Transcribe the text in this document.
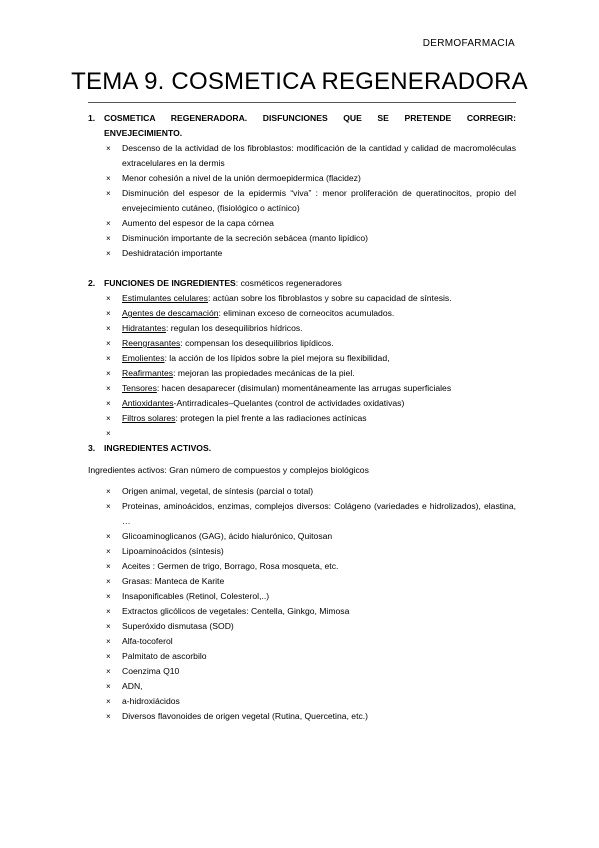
DERMOFARMACIA
TEMA 9. COSMETICA REGENERADORA
1.	COSMETICA REGENERADORA. DISFUNCIONES QUE SE PRETENDE CORREGIR: ENVEJECIMIENTO.
× Descenso de la actividad de los fibroblastos: modificación de la cantidad y calidad de macromoléculas extracelulares en la dermis
× Menor cohesión a nivel de la unión dermoepidermica (flacidez)
× Disminución del espesor de la epidermis “viva” : menor proliferación de queratinocitos, propio del envejecimiento cutáneo, (fisiológico o actínico)
× Aumento del espesor de la capa córnea
× Disminución importante de la secreción sebácea (manto lipídico)
× Deshidratación importante
2.	FUNCIONES DE INGREDIENTES: cosméticos regeneradores
× Estimulantes celulares: actúan sobre los fibroblastos y sobre su capacidad de síntesis.
× Agentes de descamación: eliminan exceso de corneocitos acumulados.
× Hidratantes: regulan los desequilibrios hídricos.
× Reengrasantes: compensan los desequilibrios lipídicos.
× Emolientes: la acción de los lípidos sobre la piel mejora su flexibilidad,
× Reafirmantes: mejoran las propiedades mecánicas de la piel.
× Tensores: hacen desaparecer (disimulan) momentáneamente las arrugas superficiales
× Antioxidantes-Antirradicales–Quelantes (control de actividades oxidativas)
× Filtros solares: protegen la piel frente a las radiaciones actínicas
×

3.	INGREDIENTES ACTIVOS.

Ingredientes activos: Gran número de compuestos y complejos biológicos

× Origen animal, vegetal, de síntesis (parcial o total)
× Proteinas, aminoácidos, enzimas, complejos diversos: Colágeno (variedades e hidrolizados), elastina, …
× Glicoaminoglicanos (GAG), ácido hialurónico, Quitosan
× Lipoaminoácidos (síntesis)
× Aceites : Germen de trigo, Borrago, Rosa mosqueta, etc.
× Grasas: Manteca de Karite
× Insaponificables (Retinol, Colesterol,..)
× Extractos glicólicos de vegetales: Centella, Ginkgo, Mimosa
× Superóxido dismutasa (SOD)
× Alfa-tocoferol
× Palmitato de ascorbilo
× Coenzima Q10
× ADN,
× a-hidroxiácidos
× Diversos flavonoides de origen vegetal (Rutina, Quercetina, etc.)
